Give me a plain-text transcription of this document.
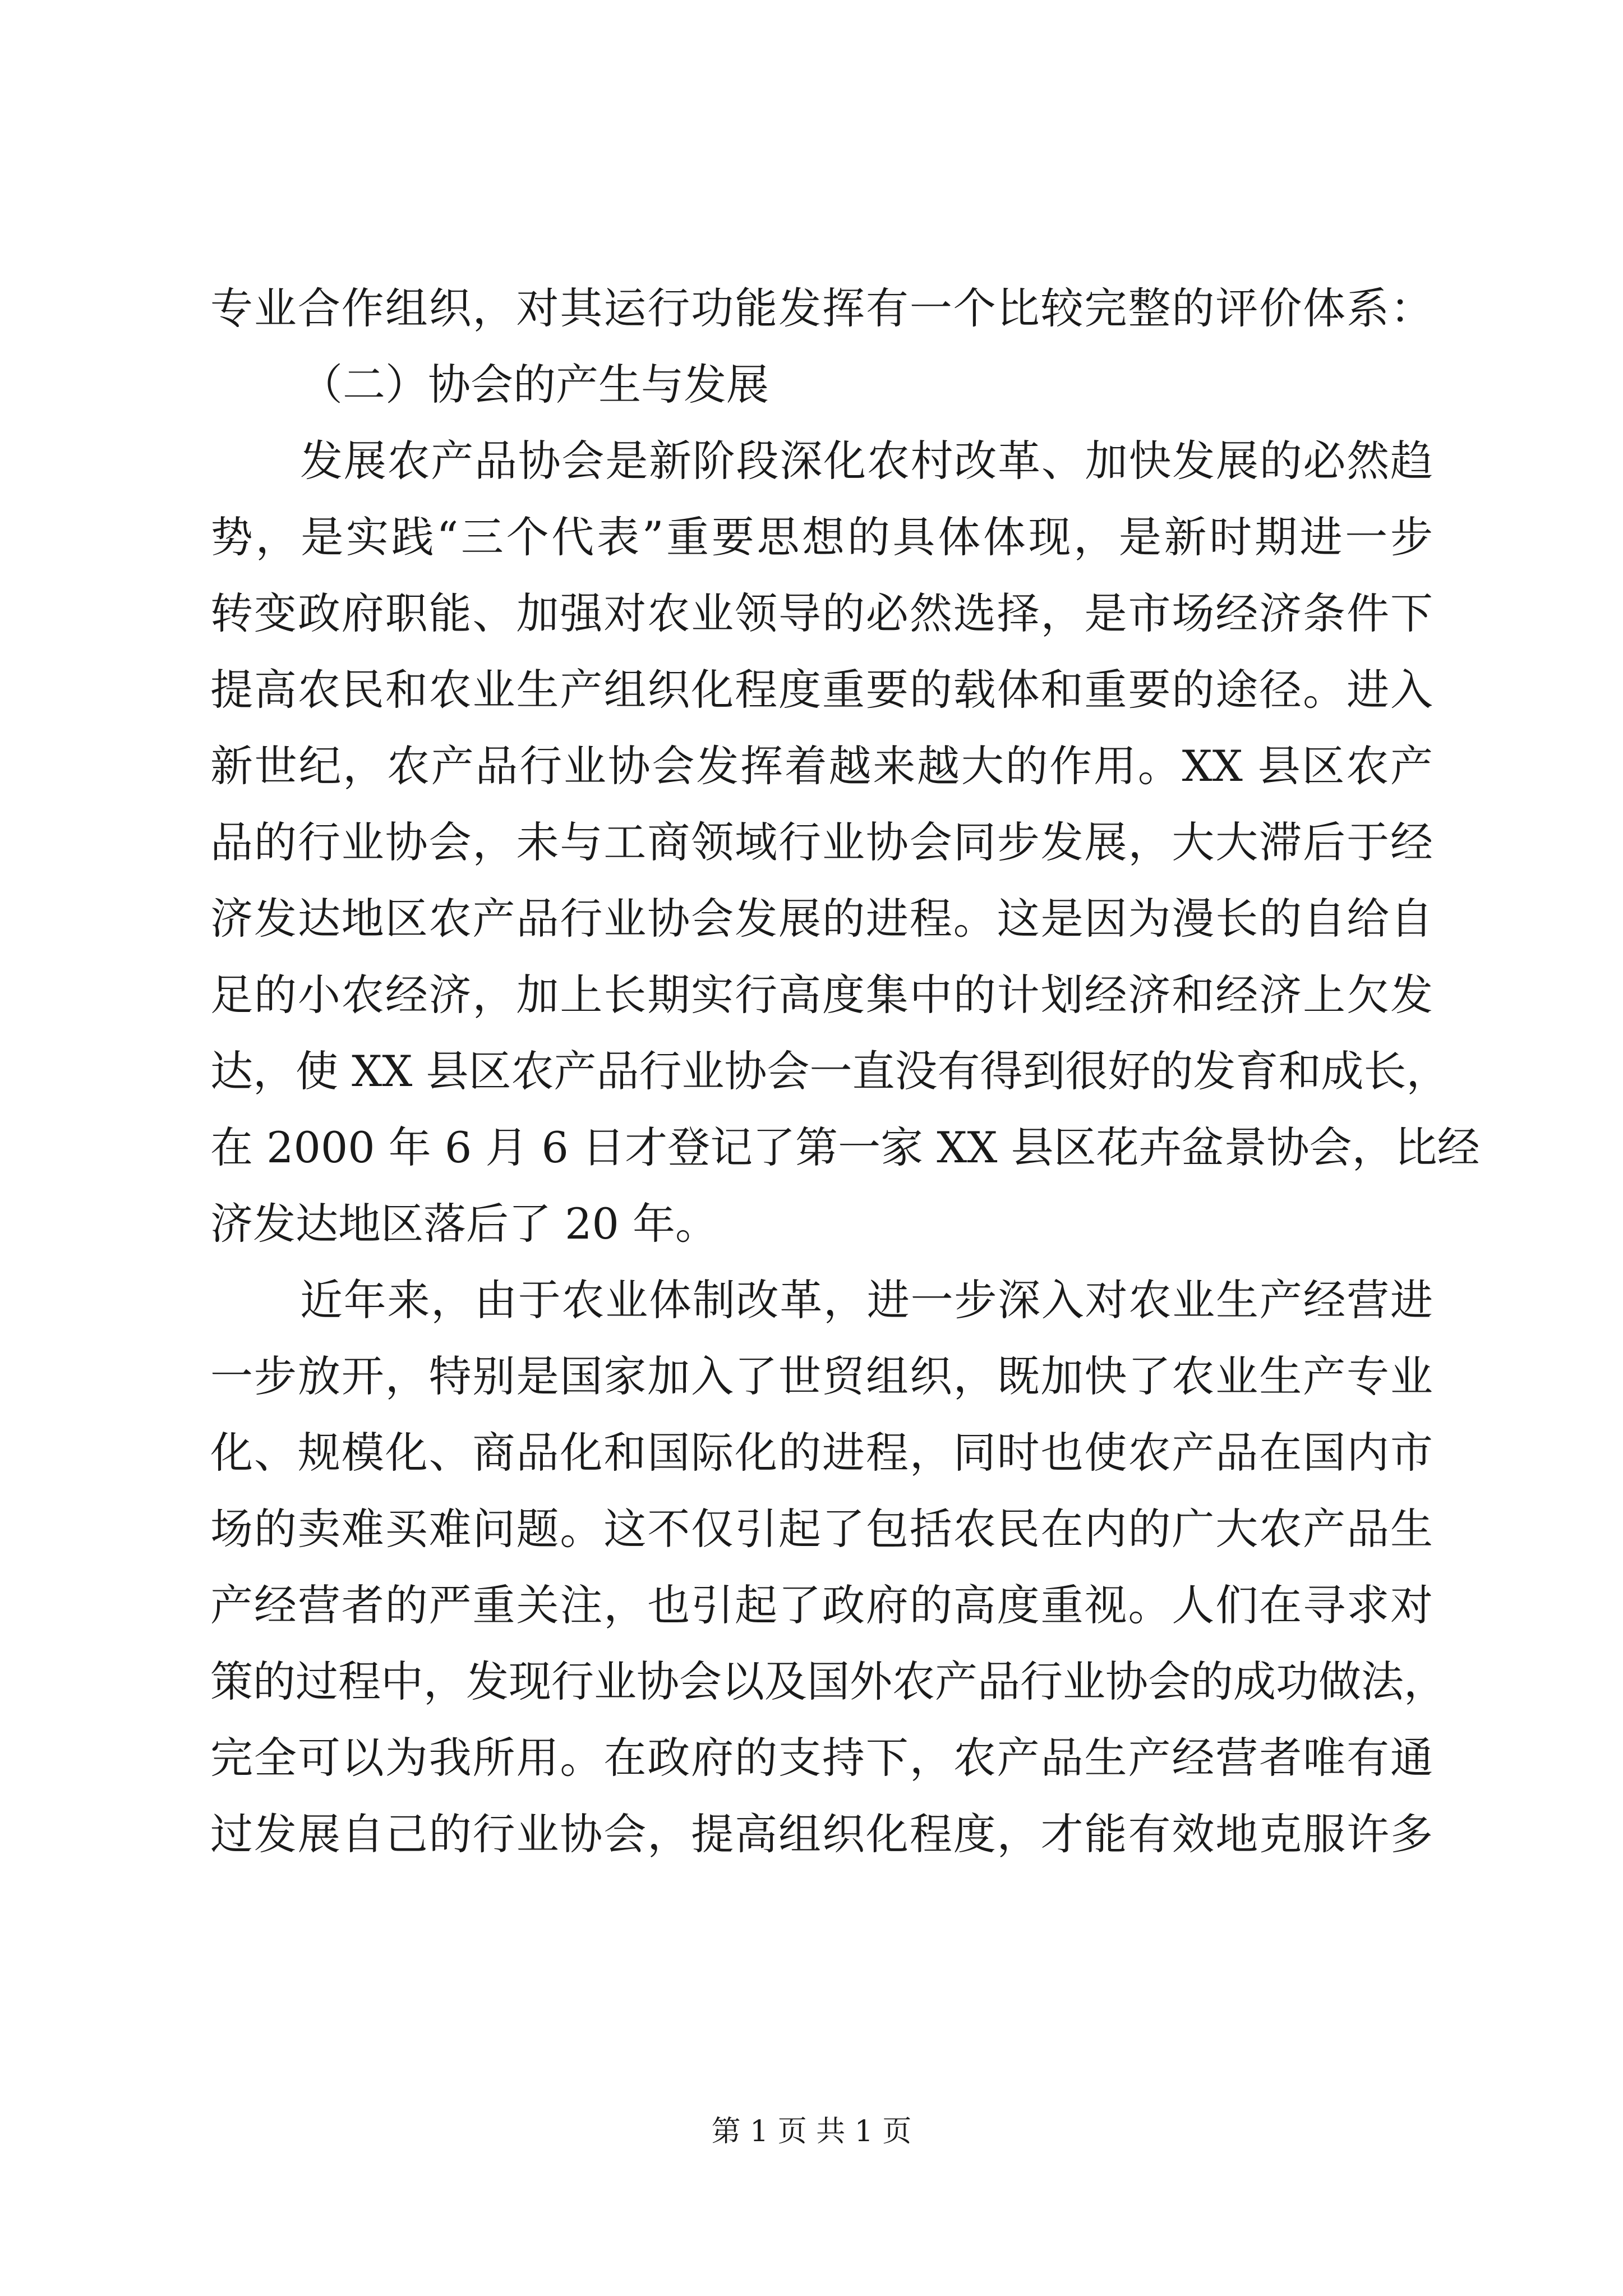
专业合作组织，对其运行功能发挥有一个比较完整的评价体系：
（二）协会的产生与发展
发展农产品协会是新阶段深化农村改革、加快发展的必然趋
势，是实践“三个代表”重要思想的具体体现，是新时期进一步
转变政府职能、加强对农业领导的必然选择，是市场经济条件下
提高农民和农业生产组织化程度重要的载体和重要的途径。进入
新世纪，农产品行业协会发挥着越来越大的作用。XX 县区农产
品的行业协会，未与工商领域行业协会同步发展，大大滞后于经
济发达地区农产品行业协会发展的进程。这是因为漫长的自给自
足的小农经济，加上长期实行高度集中的计划经济和经济上欠发
达，使 XX 县区农产品行业协会一直没有得到很好的发育和成长，
在 2000 年 6 月 6 日才登记了第一家 XX 县区花卉盆景协会，比经
济发达地区落后了 20 年。
近年来，由于农业体制改革，进一步深入对农业生产经营进
一步放开，特别是国家加入了世贸组织，既加快了农业生产专业
化、规模化、商品化和国际化的进程，同时也使农产品在国内市
场的卖难买难问题。这不仅引起了包括农民在内的广大农产品生
产经营者的严重关注，也引起了政府的高度重视。人们在寻求对
策的过程中，发现行业协会以及国外农产品行业协会的成功做法，
完全可以为我所用。在政府的支持下，农产品生产经营者唯有通
过发展自己的行业协会，提高组织化程度，才能有效地克服许多
第 1 页 共 1 页
